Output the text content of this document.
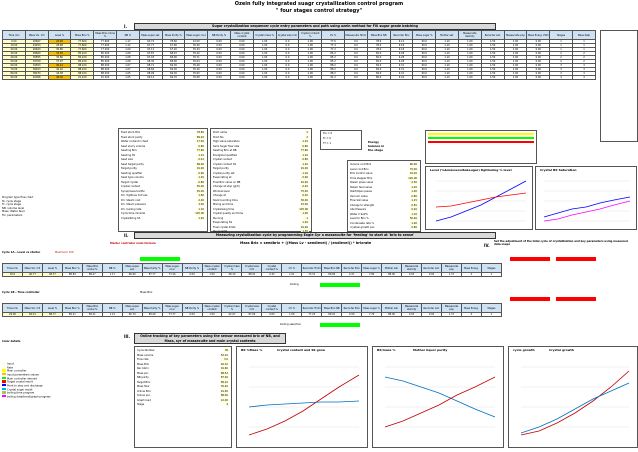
Ozein fully integrated suagr crystallization control program
" four stages control strategy"
I.	Sugar crystallization sequencer cycle entry parameters and path using ozein method for Fill sugar grade batching
Time min	Mass Vol. m3	Level %	Mass Brix %	Mass Brix online %	NB %	Mass super sat.	Mass Purity %	Mass sugar conc	NB Purity %	Mass crystal content	Crystal mass %	Crystal size mm	Crystal content %	CV %	Massecuite Hmm	Mass Brix NB	Recorder Brix	Mass sugar %	Mother sat.	Massecuite Velocity	Recorder sat.	Massecuite pop	Mass Energ. kWh	Stages	Mass Setp
0.00	20667	24.99	77.600	77.600	1.17	60.72	78.60	22.00	0.00	0.00	1.00	0.0	1.00	77.6	0.0	78.6	9.12	90.0	1.10	1.00	1.50	1.00	0.00	1	1
10.00	24253	28.68	77.600	77.400	1.12	67.77	67.60	35.40	0.00	0.00	1.00	0.0	1.00	77.4	0.0	78.0	9.18	90.0	1.10	1.00	1.50	1.00	0.00	1	1
20.00	26463	30.80	77.600	77.200	1.09	67.12	67.20	35.34	0.00	0.00	1.00	0.0	1.00	77.2	0.0	78.0	9.18	90.0	1.10	1.00	1.50	1.00	0.00	1	1
30.00	28660	33.35	85.220	85.200	1.08	67.87	68.97	35.22	0.00	0.00	1.00	0.0	1.00	85.2	0.0	82.0	9.28	90.0	1.10	1.00	1.50	1.00	0.00	2	2
40.00	30855	35.86	85.220	85.200	1.08	67.03	68.90	35.71	0.00	0.00	1.00	0.0	1.00	85.2	0.0	82.0	9.28	90.0	1.10	1.00	1.50	1.00	0.00	2	2
50.00	32700	37.97	85.220	85.200	1.08	68.30	68.90	35.04	0.00	0.00	1.00	0.0	1.00	85.2	0.0	82.0	9.28	90.0	1.10	1.00	1.50	1.00	0.00	2	2
60.00	34563	40.12	88.220	88.200	1.07	68.71	69.30	35.49	0.00	0.00	1.00	0.0	1.00	88.2	0.0	84.0	9.31	90.0	1.10	1.00	1.50	1.00	0.00	3	3
70.00	36403	42.16	88.220	88.200	1.07	68.82	69.30	35.16	0.00	0.00	1.00	0.0	1.00	88.2	0.0	84.0	9.31	90.0	1.10	1.00	1.50	1.00	0.00	3	3
80.00	38233	44.38	88.220	88.200	1.05	68.99	69.30	35.63	0.00	0.00	1.00	0.0	1.00	88.2	0.0	84.0	9.31	90.0	1.10	1.00	1.50	1.00	0.00	3	3
90.00	40066	46.30	91.220	91.200	1.05	69.12	69.70	35.08	0.00	0.00	1.00	0.0	1.00	91.2	0.0	86.0	9.42	90.0	1.10	1.00	1.50	1.00	0.00	4	4
Feed stock Brix	78.60
Feed stock purity	89.20
Water content in feed	17.00
Seed slurry volume	0.80
Seeding Brix	77.60
Seeding SS	1.15
Seed size	0.01
Seed target purity	89.00
Target purity	91.00
Seeding qualifier	0.90
Seed type volume	1.20
Target crystal	0.80
Crystal content	55.00
Syrup/resource/thn	45.00
Dri. Tightnes hot loss	1.80
Dri. Steam cost	2.00
Dri. Steam pressure	3.00
Dri. loading rate	1.10
Cycle time minimal	125.00
Crystallizing SS	1.20
Point name	1
Point No.	2
High value saturation	1.15
Semi Sugar flow rate	0.80
Seeding Brix at NB	77.60
Energized qualified	1.10
Crystal content	0.80
Crystal content SS	1.20
Target purity	91.00
Crystal purity set	1.16
Evaporating at	0.90
Final Brix value on NB	91.00
Change at stop (gr/h)	0.20
Window level	75.00
Change at	0.20
Slack bundling time	30.00
Mixing and time	15.00
Crystalising time	125.00
Crystal quality and time	1.00
Running	1
Evaporating SS	1.20
Final crystal limits	91.00
Volume cont Brix	60.00
Level cont Brix	75.00
Brix Control value	91.20
Time stepper Brix	120.00
Steam press value	2.50
Steam feed value	1.20
Start/Open pause	1.00
Vacuum value	0.80
Flow Sat value	1.15
Change to strength	0.50
Abs Pressure	0.20
Water 2 Sat/%	1.10
Level to Brix %	50.00
Condensate rate %	1.00
crystals growth pos	0.80
Trs = 0
Tc = 0
Tf = 1	Energy balance in the stage
Program type flow chart
Ts: cycle stage
Tc: cycle stage
NB: volume level
Mass: Water feed
Fix: parameters
Level (%&massecuite&sugar) tightening % level	Crystal BX Saturation
II.	Measuring crystallization cycle by programming Engle Syr a massecuite for 'feeding' to start at 'brix to sense'
Master controller main formula	Mass Brix = seedbrix + ((Mass Lv - seedlevel) / (endlevel)) * brixrate	IV.
Set the adjustment of the total cycle of crystallization and key parameters using measured data snaps
Cycle 1A - Level vs starter	Maximum 150
Time min	Mass Vol. m3	Level %	Mass Brix %	Mass Brix online %	NB %	Mass super sat.	Mass Purity %	Mass sugar conc	NB Purity %	Mass crystal content	Crystal mass %	Crystal size mm	Crystal content %	CV %	Recorder Hmm	Mass Brix NB	Recorder Brix	Mass sugar %	Mother sat.	Massecuite Velocity	Recorder sat.	Massecuite pop	Mass Energ.	Stages
30.0	46.77	48.77	88.84	88.27	1.17	66.60	87.77	73.16	0.00	1.00	48.10	88.91	0.32	1.01	73.31	89.69	4.47	7.84	88.00	0.03	0.04	1.37	2	1
boiling
Cycle 1B - Time controller	Mass Brix
Time min	Mass Vol. m3	Level %	Mass Brix %	Mass Brix online %	NB %	Mass super sat.	Mass Purity %	Mass sugar conc	NB Purity %	Mass crystal content	Crystal mass %	Crystal size mm	Crystal content %	CV %	Recorder Hmm	Mass Brix NB	Recorder Brix	Mass sugar %	Mother sat.	Massecuite Velocity	Recorder sat.	Massecuite pop	Mass Energ.	Stages
29.00	84.01	88.77	89.21	89.21	1.14	66.79	89.49	73.77	0.00	1.00	42.07	87.09	0.63	1.06	77.23	89.01	4.90	7.79	88.00	0.03	0.04	1.37	4	1
boiling selection
III.	Online tracking of key parameters using the sensor measured brix of NB, and Mass, syr of massecuite and main crystal contents
Cycle Number	36
Mass volume	52.10
Flow rate	3.0
Mass Brix	92.10
Rec bbrix	91.60
Mass pur.	88.52
NB purity	87.00
Target Brix	89.10
Mass flow	35.40
Online Brix	91.00
Online pur.	88.00
Graph load	12.00
Stage	4
Color details
Input
Rate
Main controller
Input parameters values
Main controller derived
Target crystal result
Point to stop and discharge
Crystal sugar result
boiling time program
boiling data/trend/graph progress
BX %Mass %	Crystal content and SS grow	BX/mass %	Mother liquor purity	cycle growth	Crystal growth
